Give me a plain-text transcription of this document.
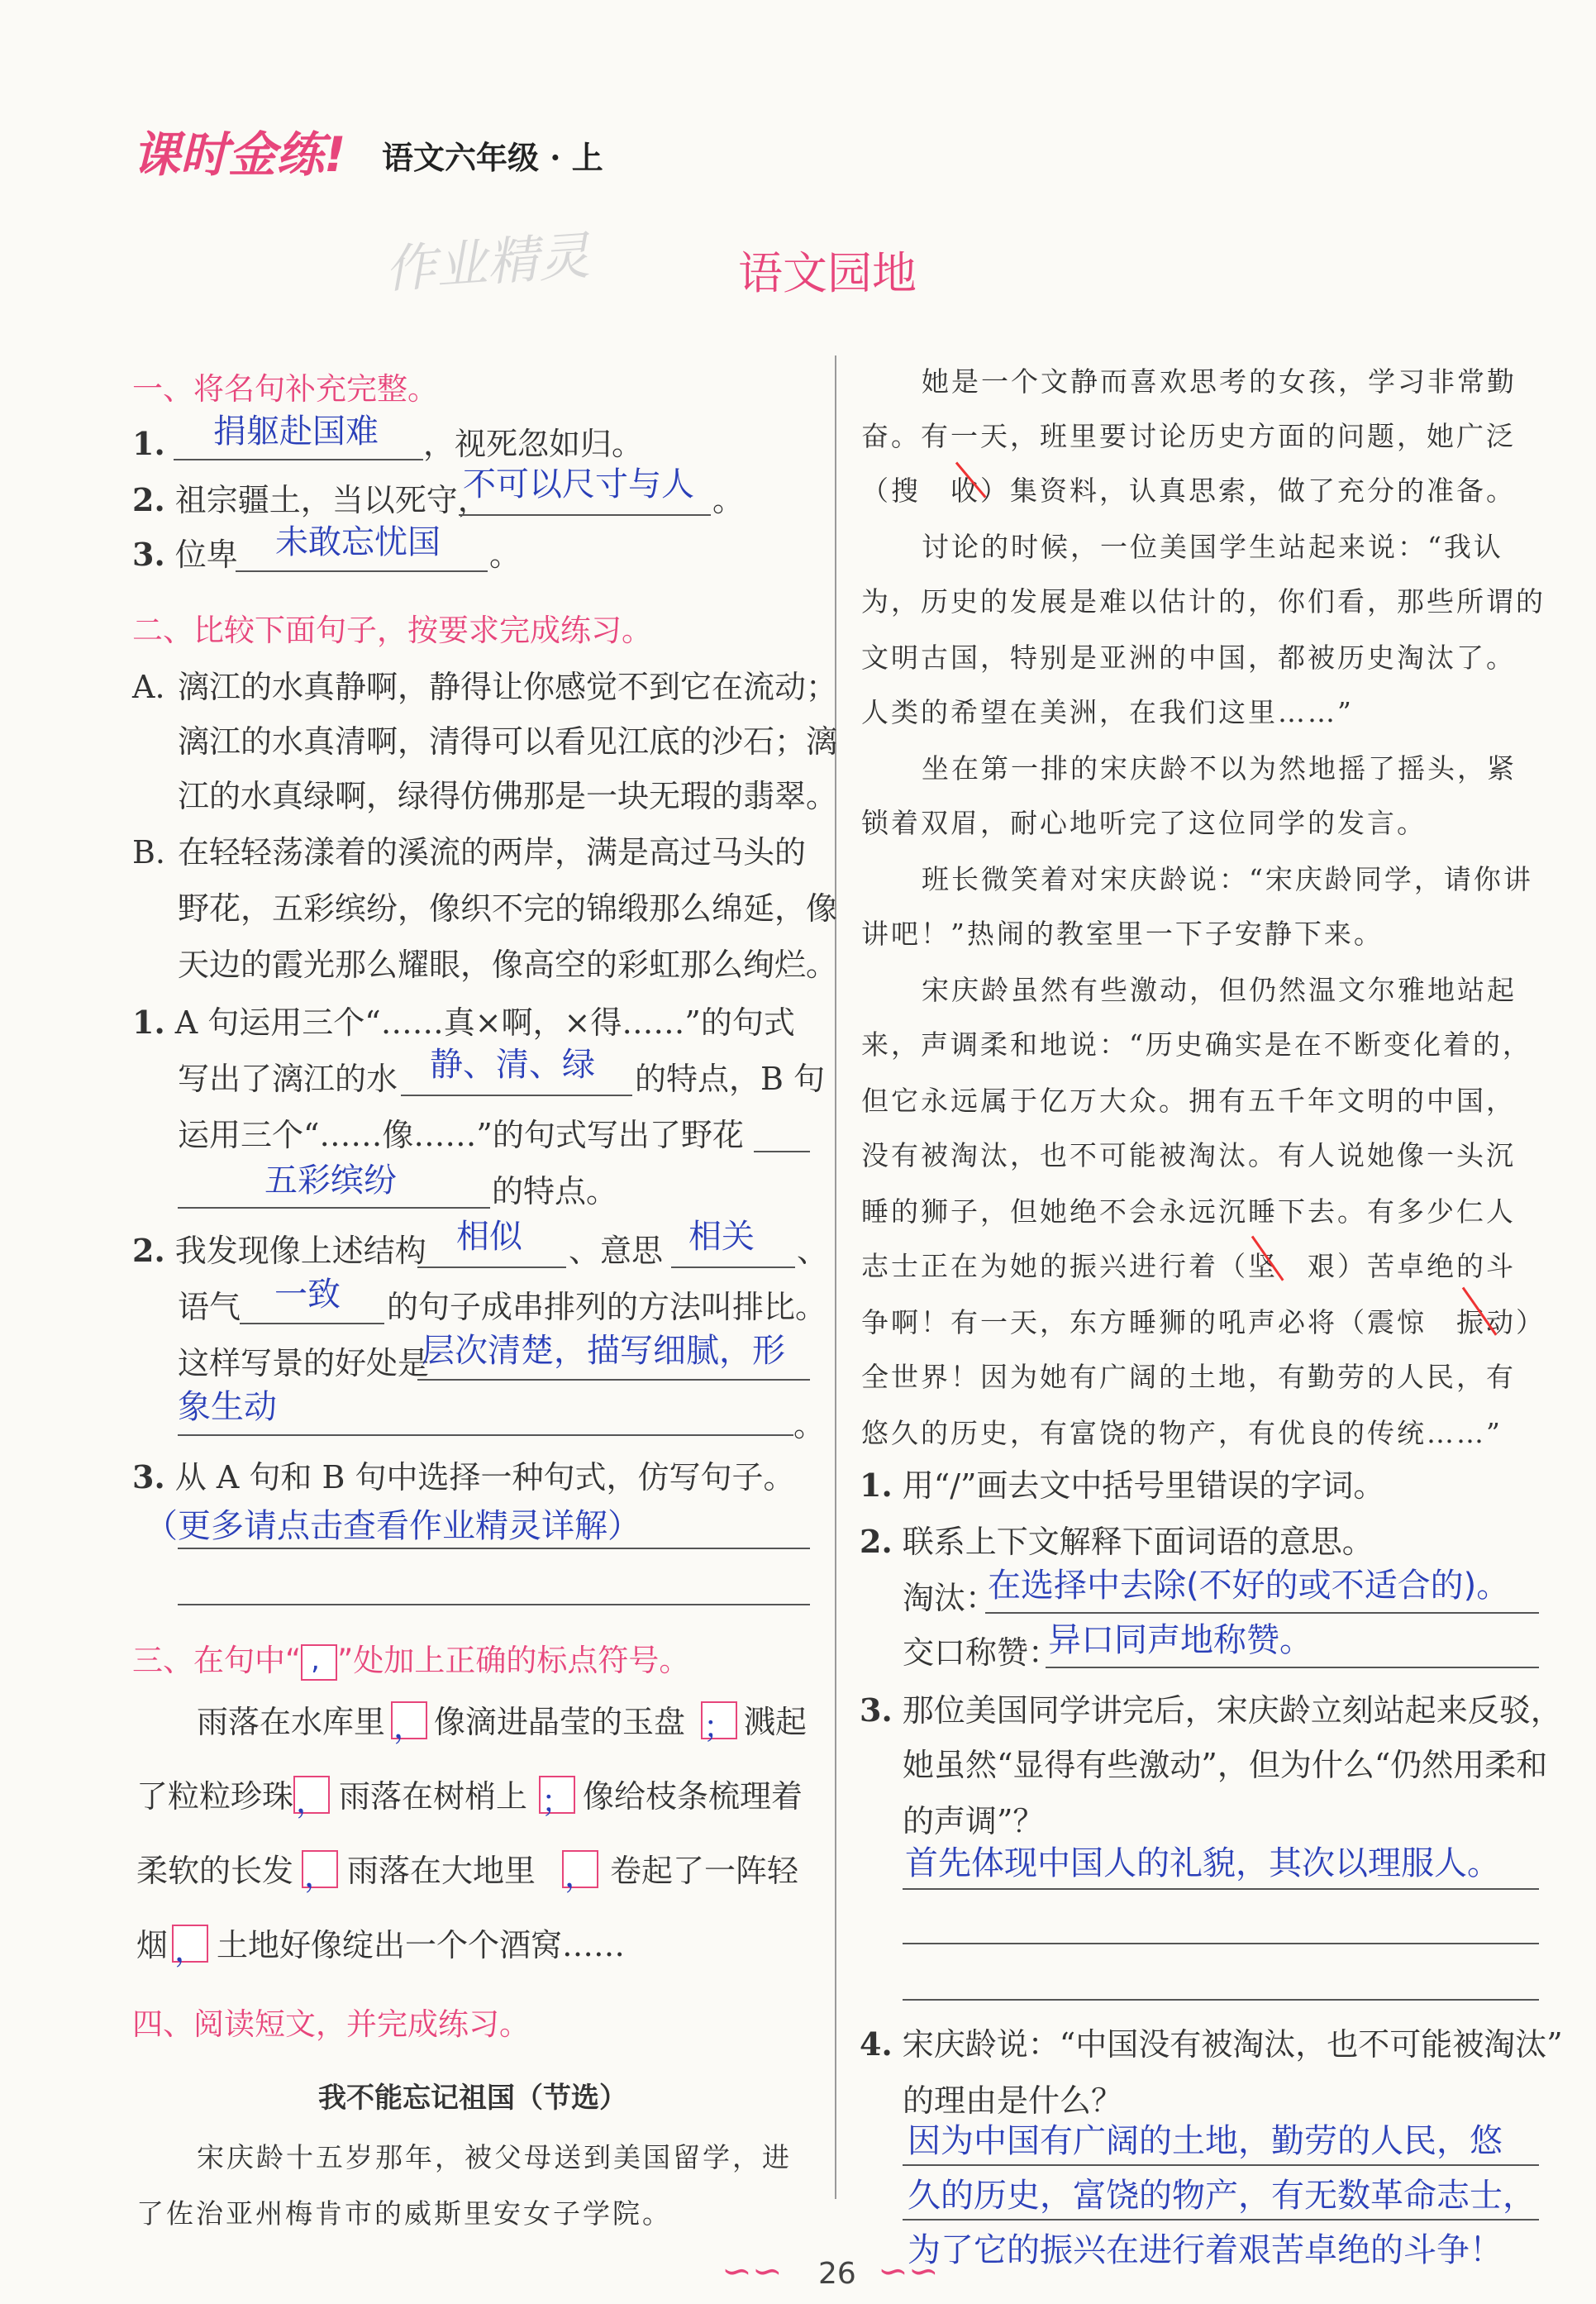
课时金练! 语文六年级 · 上
作业精灵	语文园地
一、将名句补充完整。
1. 捐躯赴国难 ，视死忽如归。
2. 祖宗疆土，当以死守，
不可以尺寸与人 。
3. 位卑 未敢忘忧国 。
二、比较下面句子，按要求完成练习。
A. 漓江的水真静啊，静得让你感觉不到它在流动；
漓江的水真清啊，清得可以看见江底的沙石；漓
江的水真绿啊，绿得仿佛那是一块无瑕的翡翠。
B. 在轻轻荡漾着的溪流的两岸，满是高过马头的
野花，五彩缤纷，像织不完的锦缎那么绵延，像
天边的霞光那么耀眼，像高空的彩虹那么绚烂。
1. A 句运用三个“……真×啊，×得……”的句式
写出了漓江的水 静、清、绿 的特点，B 句
运用三个“……像……”的句式写出了野花
五彩缤纷	的特点。
2. 我发现像上述结构 相似 、意思 相关 、
语气 一致 的句子成串排列的方法叫排比。
这样写景的好处是
层次清楚，描写细腻，形
象生动	。
3. 从 A 句和 B 句中选择一种句式，仿写句子。
（更多请点击查看作业精灵详解）
三、在句中“ , ”处加上正确的标点符号。
雨落在水库里 ， 像滴进晶莹的玉盘 ； 溅起
了粒粒珍珠 ， 雨落在树梢上 ； 像给枝条梳理着
柔软的长发 ， 雨落在大地里 ， 卷起了一阵轻
烟 ， 土地好像绽出一个个酒窝……
四、阅读短文，并完成练习。
我不能忘记祖国（节选）
宋庆龄十五岁那年，被父母送到美国留学，进
了佐治亚州梅肯市的威斯里安女子学院。
她是一个文静而喜欢思考的女孩，学习非常勤
奋。有一天，班里要讨论历史方面的问题，她广泛
（搜　收）集资料，认真思索，做了充分的准备。
讨论的时候，一位美国学生站起来说：“我认
为，历史的发展是难以估计的，你们看，那些所谓的
文明古国，特别是亚洲的中国，都被历史淘汰了。
人类的希望在美洲，在我们这里……”
坐在第一排的宋庆龄不以为然地摇了摇头，紧
锁着双眉，耐心地听完了这位同学的发言。
班长微笑着对宋庆龄说：“宋庆龄同学，请你讲
讲吧！”热闹的教室里一下子安静下来。
宋庆龄虽然有些激动，但仍然温文尔雅地站起
来，声调柔和地说：“历史确实是在不断变化着的，
但它永远属于亿万大众。拥有五千年文明的中国，
没有被淘汰，也不可能被淘汰。有人说她像一头沉
睡的狮子，但她绝不会永远沉睡下去。有多少仁人
志士正在为她的振兴进行着（坚　艰）苦卓绝的斗
争啊！有一天，东方睡狮的吼声必将（震惊　振动）
全世界！因为她有广阔的土地，有勤劳的人民，有
悠久的历史，有富饶的物产，有优良的传统……”
1. 用“/”画去文中括号里错误的字词。
2. 联系上下文解释下面词语的意思。
淘汰：
在选择中去除(不好的或不适合的)。
交口称赞：
异口同声地称赞。
3. 那位美国同学讲完后，宋庆龄立刻站起来反驳，
她虽然“显得有些激动”，但为什么“仍然用柔和
的声调”？
首先体现中国人的礼貌，其次以理服人。
4. 宋庆龄说：“中国没有被淘汰，也不可能被淘汰”
的理由是什么？
因为中国有广阔的土地，勤劳的人民，悠
久的历史，富饶的物产，有无数革命志士，
为了它的振兴在进行着艰苦卓绝的斗争！
∽∽ 26 ∽∽
